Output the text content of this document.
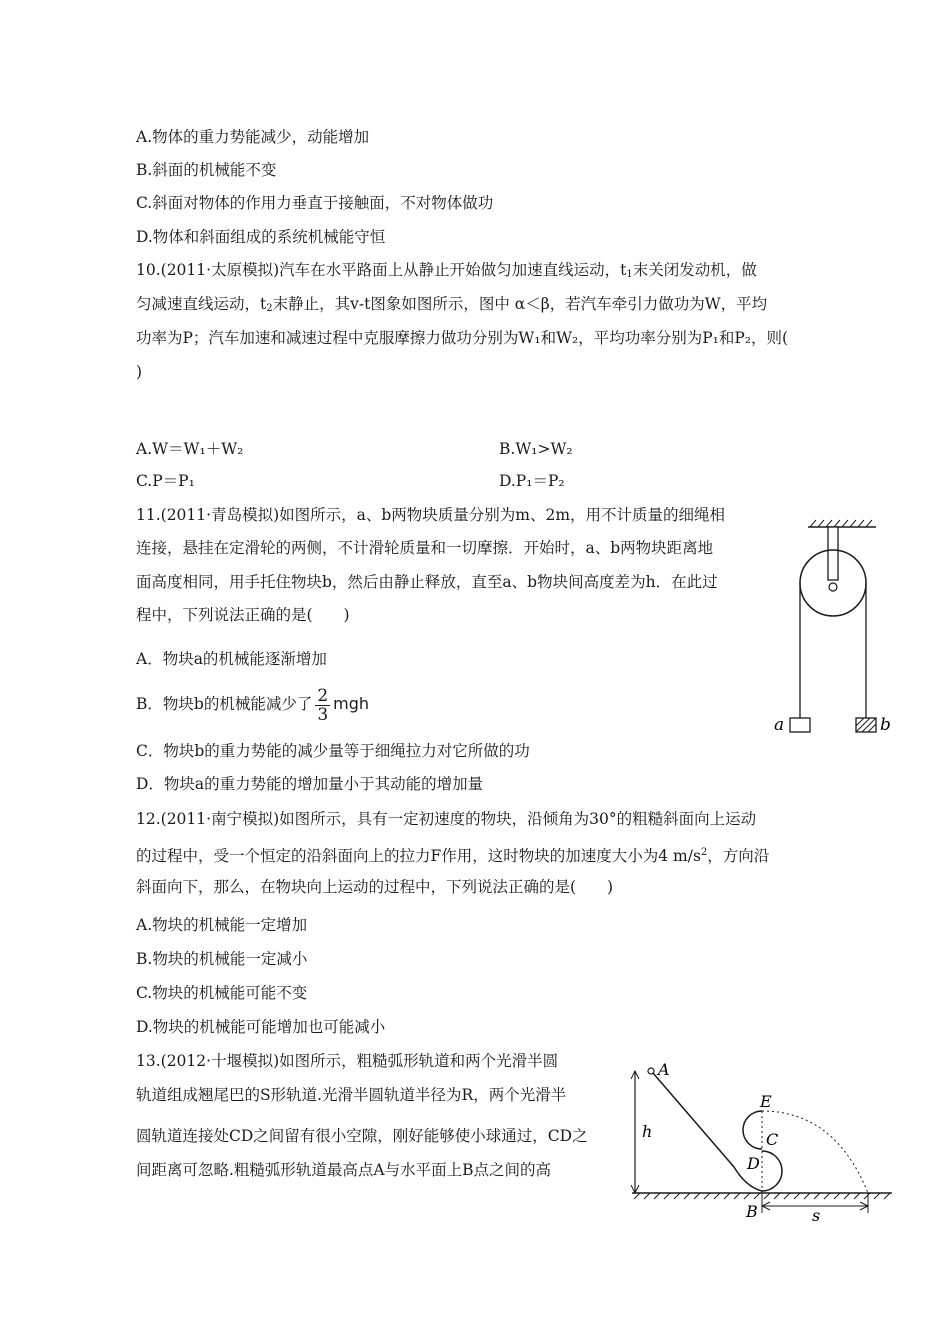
A.物体的重力势能减少，动能增加
B.斜面的机械能不变
C.斜面对物体的作用力垂直于接触面，不对物体做功
D.物体和斜面组成的系统机械能守恒
10.(2011·太原模拟)汽车在水平路面上从静止开始做匀加速直线运动，$t_1$末关闭发动机，做
匀减速直线运动，$t_2$末静止，其v-t图象如图所示，图中 α＜β，若汽车牵引力做功为W，平均
功率为P；汽车加速和减速过程中克服摩擦力做功分别为W₁和W₂，平均功率分别为P₁和P₂，则(
)
A.W＝W₁＋W₂	B.W₁>W₂
C.P＝P₁	D.P₁＝P₂
11.(2011·青岛模拟)如图所示，a、b两物块质量分别为m、2m，用不计质量的细绳相
连接，悬挂在定滑轮的两侧，不计滑轮质量和一切摩擦．开始时，a、b两物块距离地
面高度相同，用手托住物块b，然后由静止释放，直至a、b物块间高度差为h．在此过
程中，下列说法正确的是(　　)
A．物块a的机械能逐渐增加
B．物块b的机械能减少了 $\frac{2}{3}$ mgh
C．物块b的重力势能的减少量等于细绳拉力对它所做的功
D．物块a的重力势能的增加量小于其动能的增加量
a	b
12.(2011·南宁模拟)如图所示，具有一定初速度的物块，沿倾角为30°的粗糙斜面向上运动
的过程中，受一个恒定的沿斜面向上的拉力F作用，这时物块的加速度大小为4 $m/s^2$，方向沿
斜面向下，那么，在物块向上运动的过程中，下列说法正确的是(　　)
A.物块的机械能一定增加
B.物块的机械能一定减小
C.物块的机械能可能不变
D.物块的机械能可能增加也可能减小
13.(2012·十堰模拟)如图所示，粗糙弧形轨道和两个光滑半圆
轨道组成翘尾巴的S形轨道.光滑半圆轨道半径为R，两个光滑半
圆轨道连接处CD之间留有很小空隙，刚好能够使小球通过，CD之
间距离可忽略.粗糙弧形轨道最高点A与水平面上B点之间的高
A
h
E
C
D
B	s
